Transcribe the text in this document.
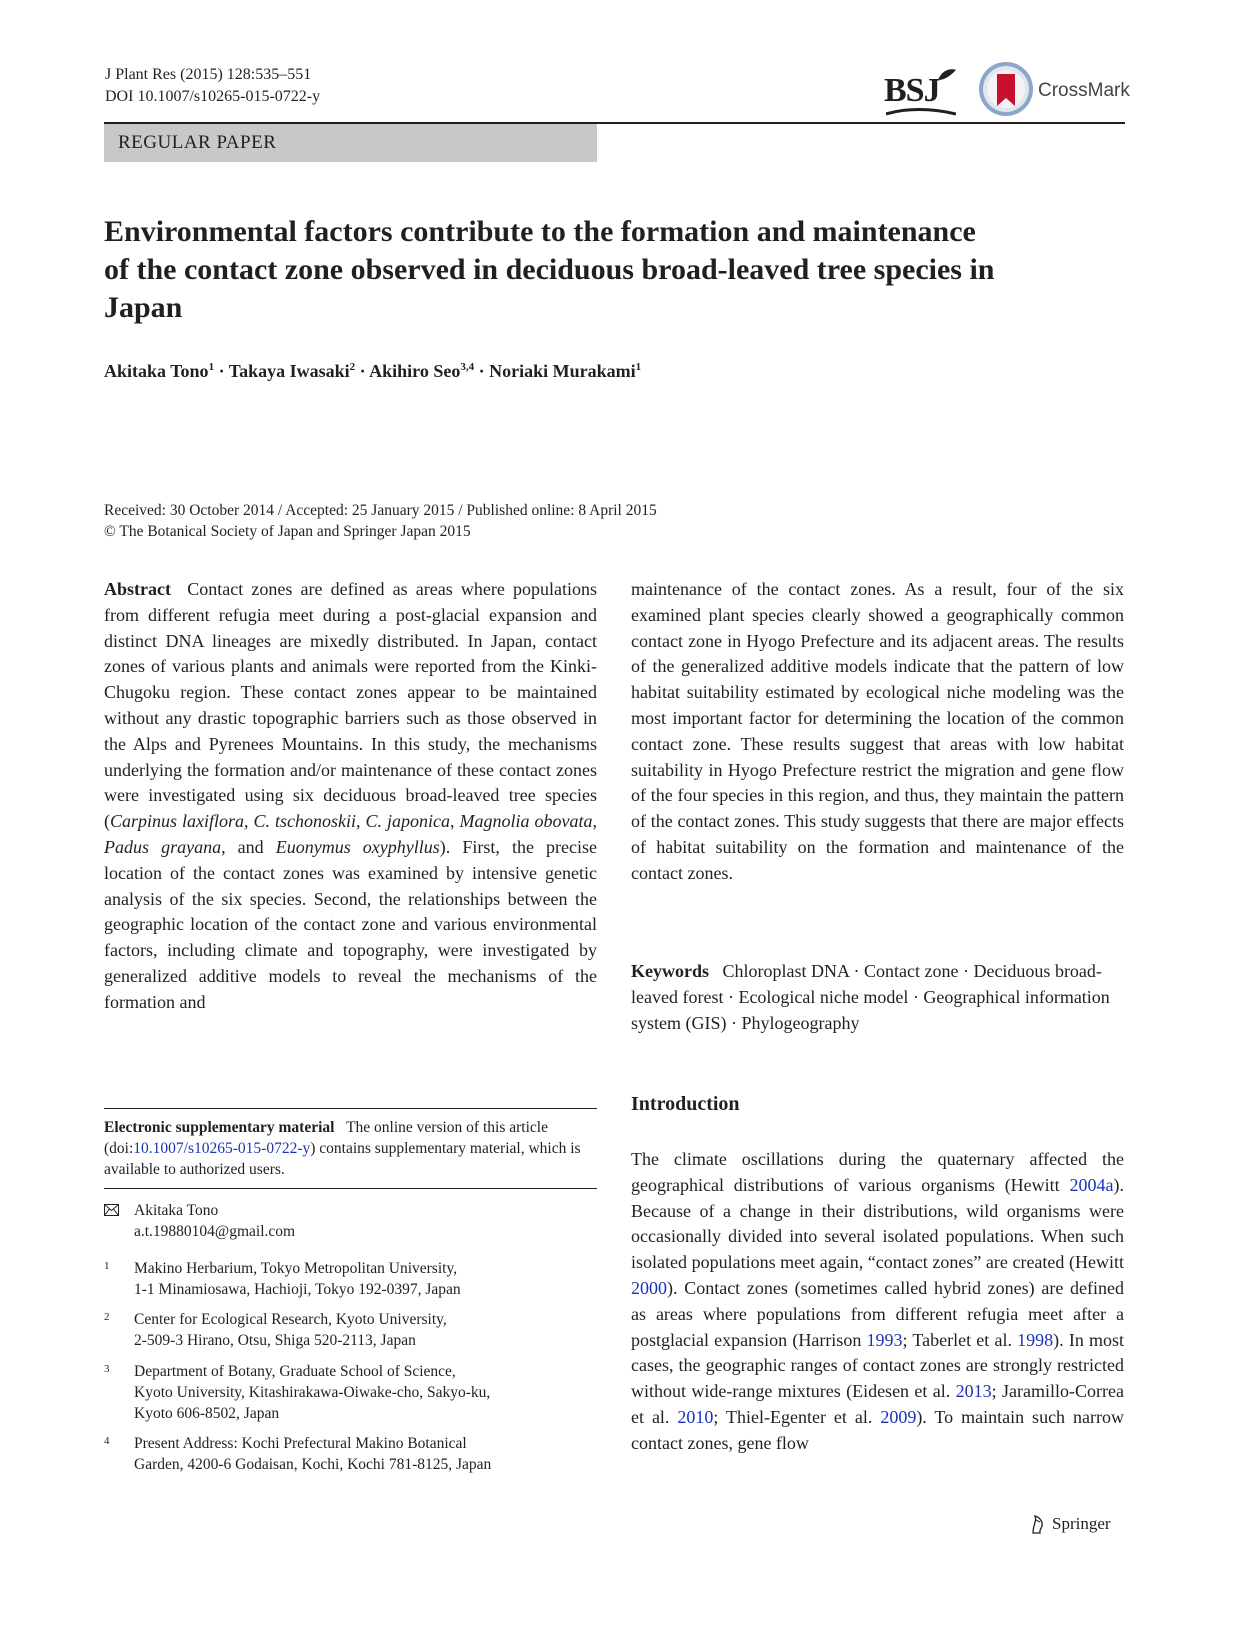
J Plant Res (2015) 128:535–551
DOI 10.1007/s10265-015-0722-y	BSJ	CrossMark
REGULAR PAPER
Environmental factors contribute to the formation and maintenance of the contact zone observed in deciduous broad-leaved tree species in Japan
Akitaka Tono$^1$ · Takaya Iwasaki$^2$ · Akihiro Seo$^{3,4}$ · Noriaki Murakami$^1$
Received: 30 October 2014 / Accepted: 25 January 2015 / Published online: 8 April 2015
© The Botanical Society of Japan and Springer Japan 2015
Abstract Contact zones are defined as areas where populations from different refugia meet during a post-glacial expansion and distinct DNA lineages are mixedly distributed. In Japan, contact zones of various plants and animals were reported from the Kinki-Chugoku region. These contact zones appear to be maintained without any drastic topographic barriers such as those observed in the Alps and Pyrenees Mountains. In this study, the mechanisms underlying the formation and/or maintenance of these contact zones were investigated using six deciduous broad-leaved tree species (Carpinus laxiflora, C. tschonoskii, C. japonica, Magnolia obovata, Padus grayana, and Euonymus oxyphyllus). First, the precise location of the contact zones was examined by intensive genetic analysis of the six species. Second, the relationships between the geographic location of the contact zone and various environmental factors, including climate and topography, were investigated by generalized additive models to reveal the mechanisms of the formation and
maintenance of the contact zones. As a result, four of the six examined plant species clearly showed a geographically common contact zone in Hyogo Prefecture and its adjacent areas. The results of the generalized additive models indicate that the pattern of low habitat suitability estimated by ecological niche modeling was the most important factor for determining the location of the common contact zone. These results suggest that areas with low habitat suitability in Hyogo Prefecture restrict the migration and gene flow of the four species in this region, and thus, they maintain the pattern of the contact zones. This study suggests that there are major effects of habitat suitability on the formation and maintenance of the contact zones.
Keywords Chloroplast DNA · Contact zone · Deciduous broad-leaved forest · Ecological niche model · Geographical information system (GIS) · Phylogeography
Introduction
The climate oscillations during the quaternary affected the geographical distributions of various organisms (Hewitt 2004a). Because of a change in their distributions, wild organisms were occasionally divided into several isolated populations. When such isolated populations meet again, “contact zones” are created (Hewitt 2000). Contact zones (sometimes called hybrid zones) are defined as areas where populations from different refugia meet after a postglacial expansion (Harrison 1993; Taberlet et al. 1998). In most cases, the geographic ranges of contact zones are strongly restricted without wide-range mixtures (Eidesen et al. 2013; Jaramillo-Correa et al. 2010; Thiel-Egenter et al. 2009). To maintain such narrow contact zones, gene flow
Electronic supplementary material The online version of this article (doi:10.1007/s10265-015-0722-y) contains supplementary material, which is available to authorized users.
Akitaka Tono
a.t.19880104@gmail.com
1 Makino Herbarium, Tokyo Metropolitan University,
1-1 Minamiosawa, Hachioji, Tokyo 192-0397, Japan
2 Center for Ecological Research, Kyoto University,
2-509-3 Hirano, Otsu, Shiga 520-2113, Japan
3 Department of Botany, Graduate School of Science,
Kyoto University, Kitashirakawa-Oiwake-cho, Sakyo-ku,
Kyoto 606-8502, Japan
4 Present Address: Kochi Prefectural Makino Botanical
Garden, 4200-6 Godaisan, Kochi, Kochi 781-8125, Japan
Springer
